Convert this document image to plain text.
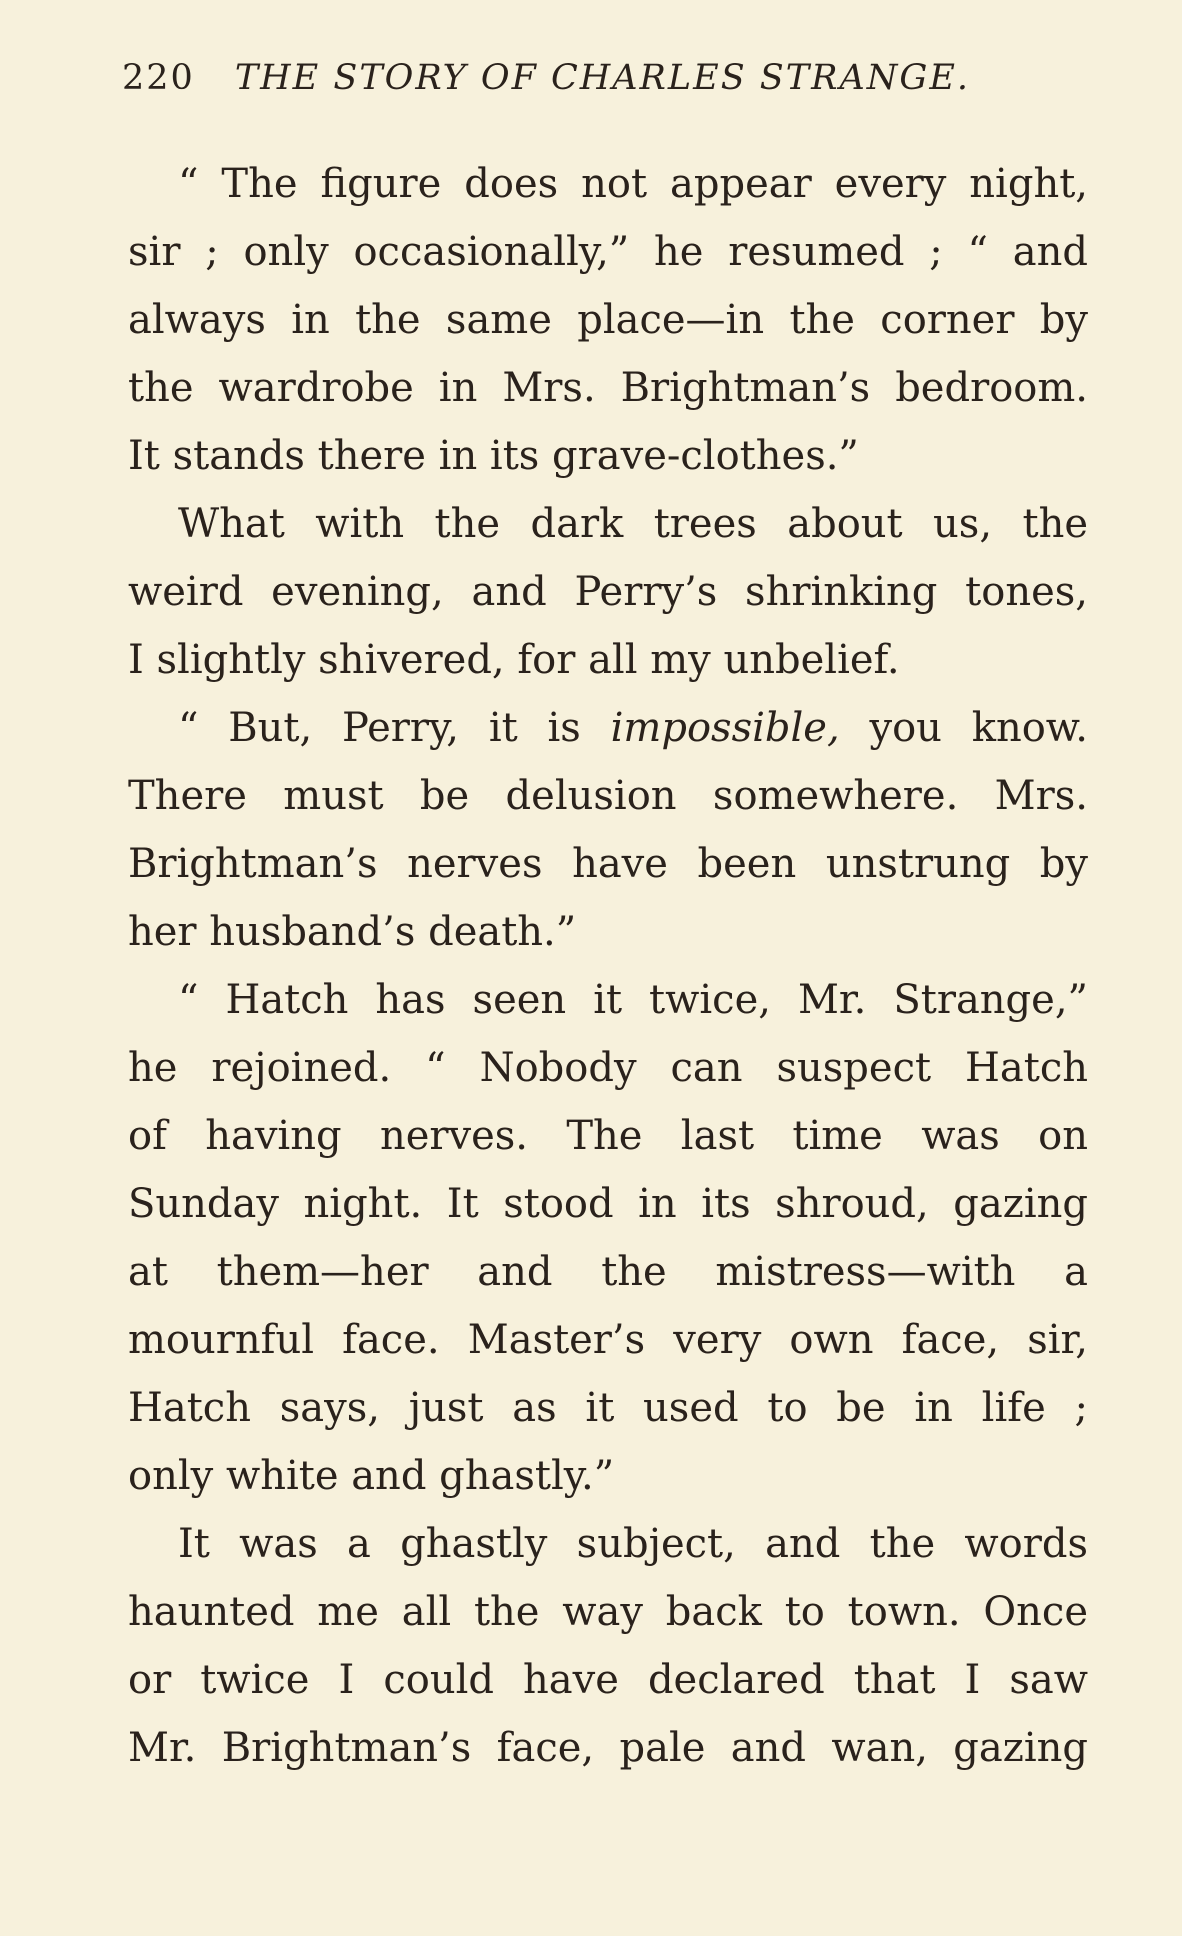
220 THE STORY OF CHARLES STRANGE.
“ The figure does not appear every night,
sir ; only occasionally,” he resumed ; “ and
always in the same place—in the corner by
the wardrobe in Mrs. Brightman’s bedroom.
It stands there in its grave-clothes.”
What with the dark trees about us, the
weird evening, and Perry’s shrinking tones,
I slightly shivered, for all my unbelief.
“ But, Perry, it is impossible, you know.
There must be delusion somewhere. Mrs.
Brightman’s nerves have been unstrung by
her husband’s death.”
“ Hatch has seen it twice, Mr. Strange,”
he rejoined. “ Nobody can suspect Hatch
of having nerves. The last time was on
Sunday night. It stood in its shroud, gazing
at them—her and the mistress—with a
mournful face. Master’s very own face, sir,
Hatch says, just as it used to be in life ;
only white and ghastly.”
It was a ghastly subject, and the words
haunted me all the way back to town. Once
or twice I could have declared that I saw
Mr. Brightman’s face, pale and wan, gazing
